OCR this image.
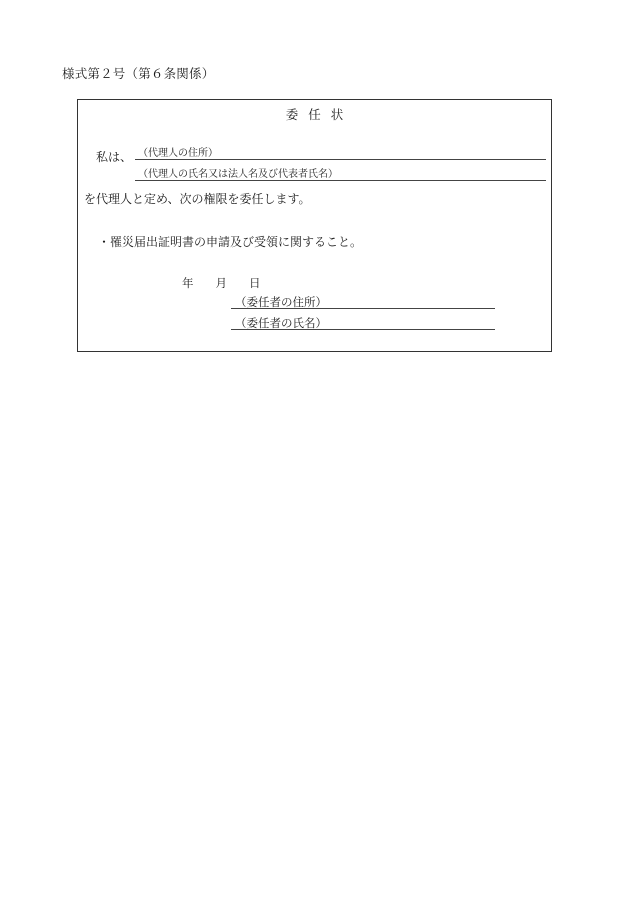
様式第２号（第６条関係）
委任状
私は、 （代理人の住所）
（代理人の氏名又は法人名及び代表者氏名）
を代理人と定め、次の権限を委任します。
・罹災届出証明書の申請及び受領に関すること。
年 月 日
（委任者の住所）
（委任者の氏名）
